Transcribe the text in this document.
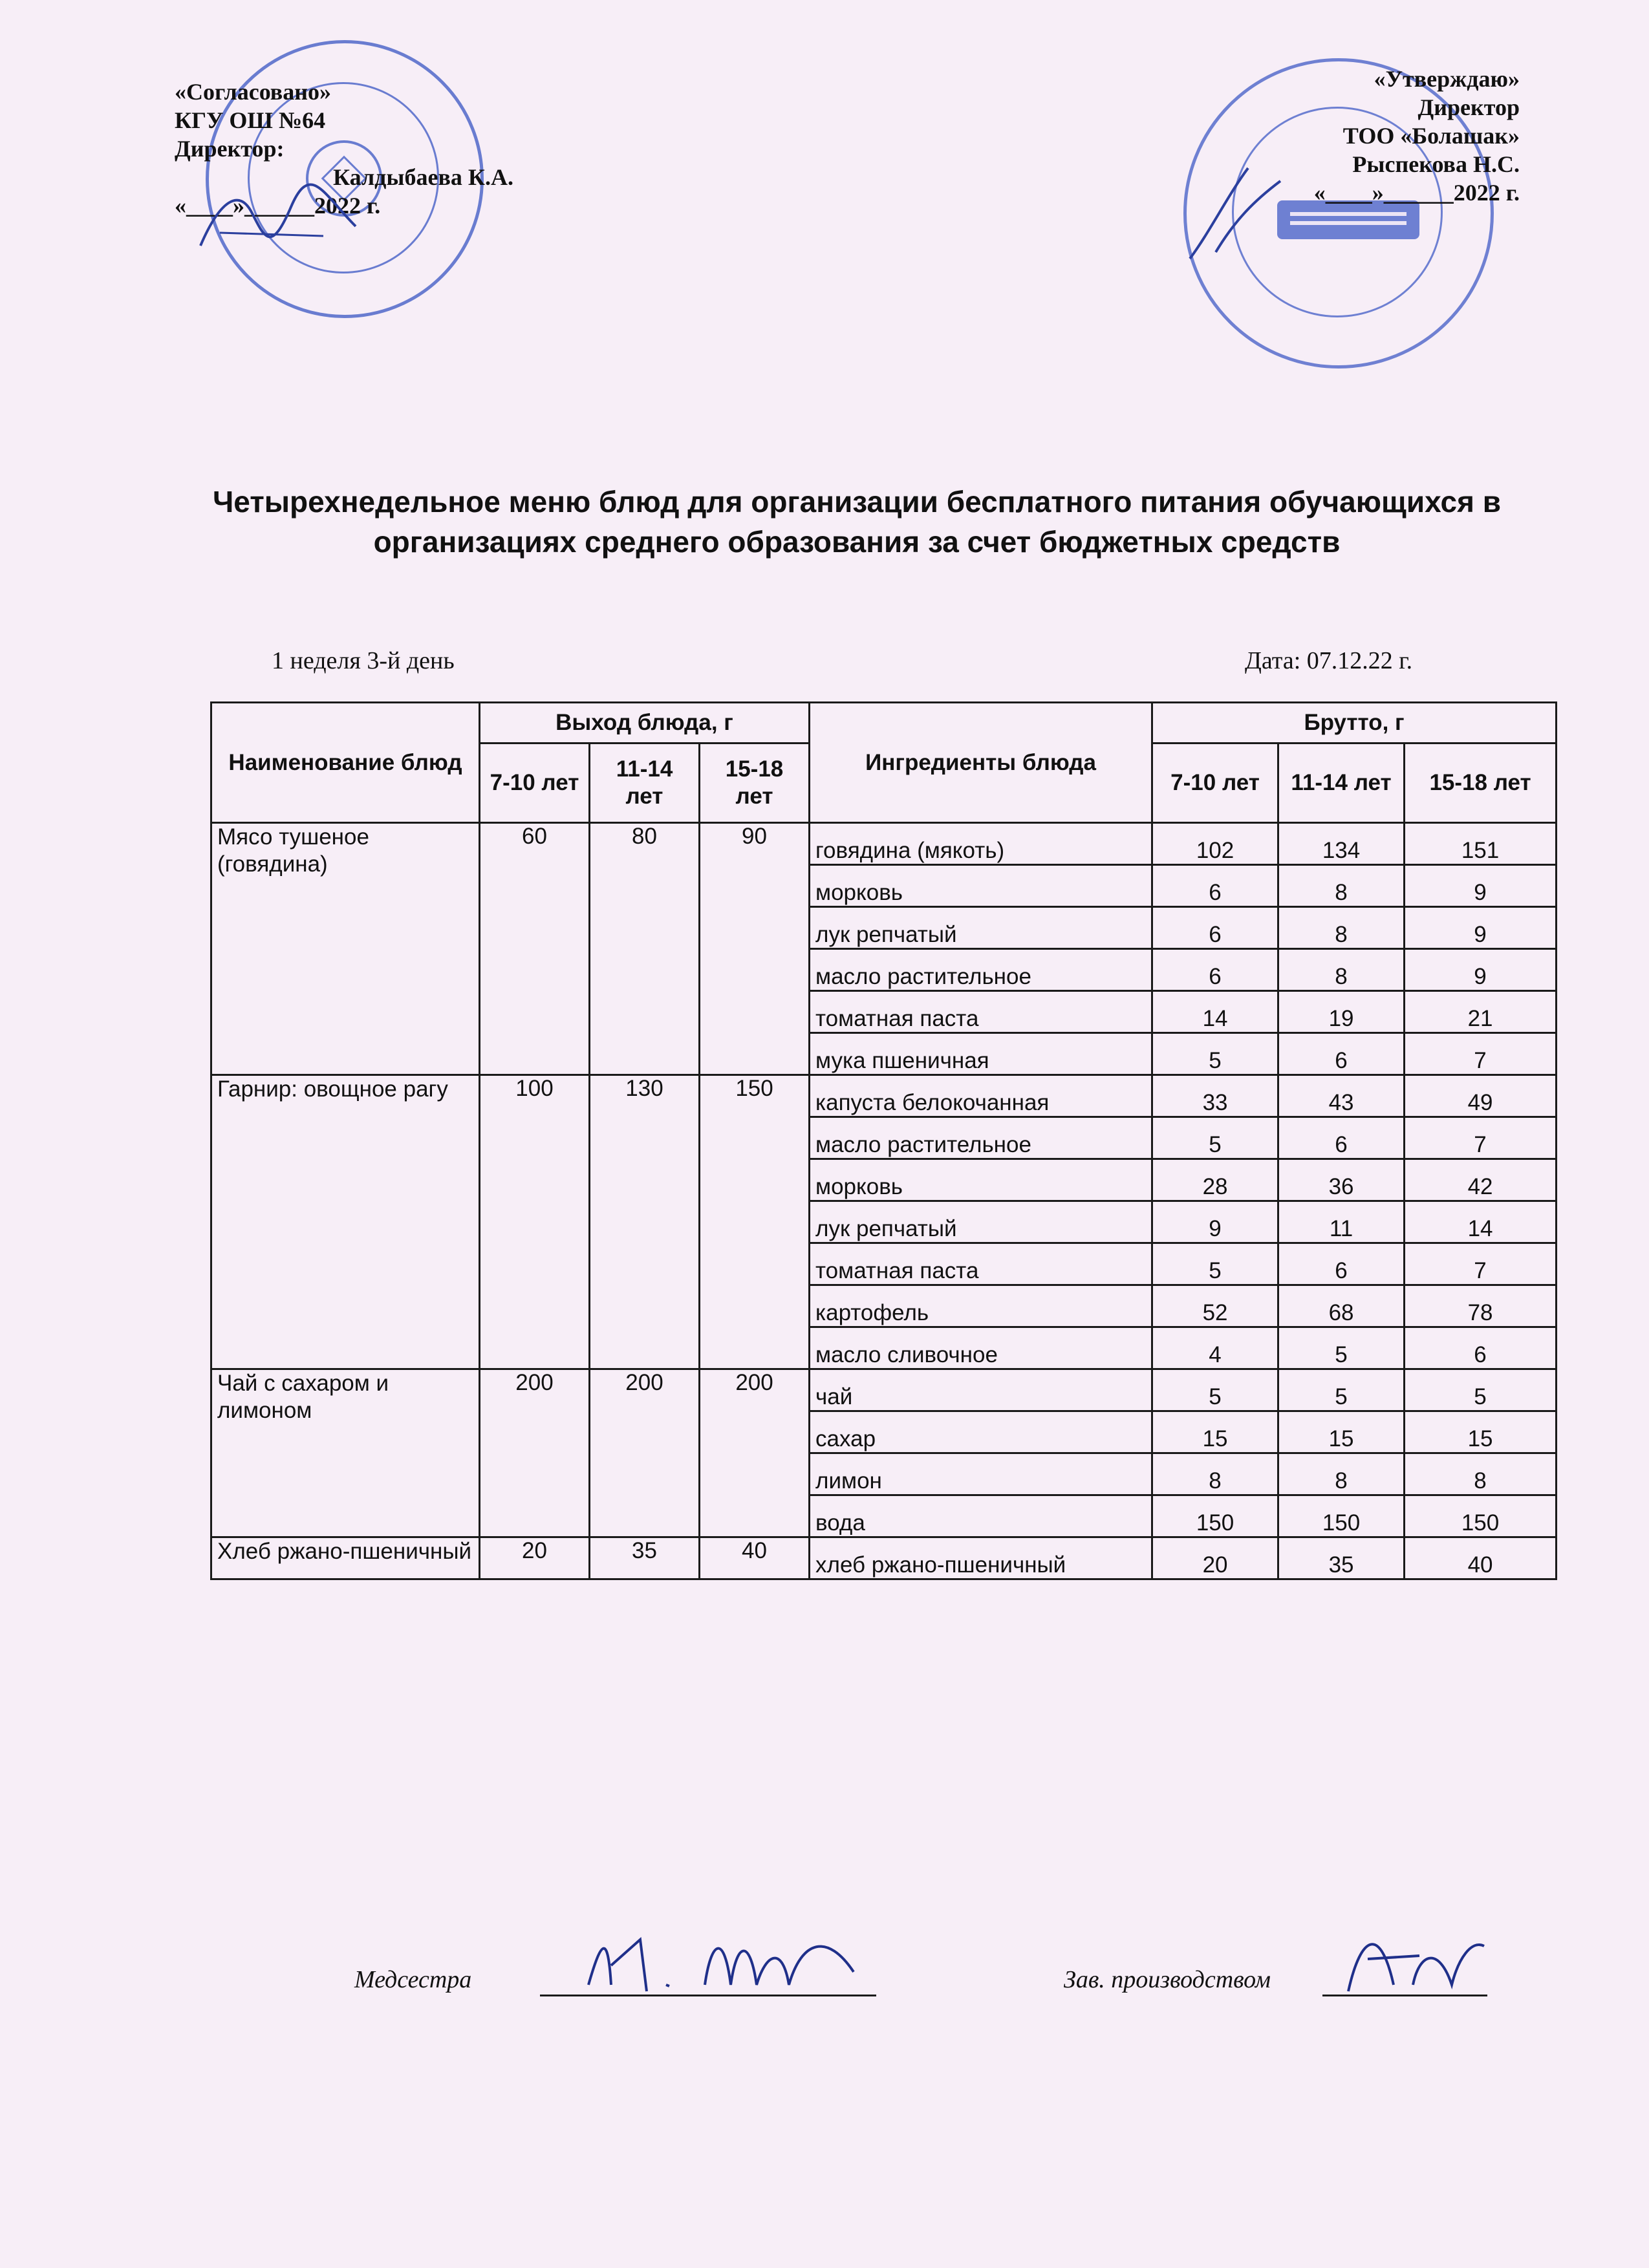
«Согласовано»
КГУ ОШ №64
Директор:
Калдыбаева К.А.
«____»______2022 г.
«Утверждаю»
Директор
ТОО «Болашак»
Рыспекова Н.С.
«____»______2022 г.
Четырехнедельное меню блюд для организации бесплатного питания обучающихся в организациях среднего образования за счет бюджетных средств
1 неделя 3-й день	Дата: 07.12.22 г.
Наименование блюд	Выход блюда, г			Ингредиенты блюда	Брутто, г		
	7-10 лет	11-14 лет	15-18 лет		7-10 лет	11-14 лет	15-18 лет
Мясо тушеное (говядина)	60	80	90	говядина (мякоть)	102	134	151
				морковь	6	8	9
				лук репчатый	6	8	9
				масло растительное	6	8	9
				томатная паста	14	19	21
				мука пшеничная	5	6	7
Гарнир: овощное рагу	100	130	150	капуста белокочанная	33	43	49
				масло растительное	5	6	7
				морковь	28	36	42
				лук репчатый	9	11	14
				томатная паста	5	6	7
				картофель	52	68	78
				масло сливочное	4	5	6
Чай с сахаром и лимоном	200	200	200	чай	5	5	5
				сахар	15	15	15
				лимон	8	8	8
				вода	150	150	150
Хлеб ржано-пшеничный	20	35	40	хлеб ржано-пшеничный	20	35	40
Медсестра	Зав. производством
